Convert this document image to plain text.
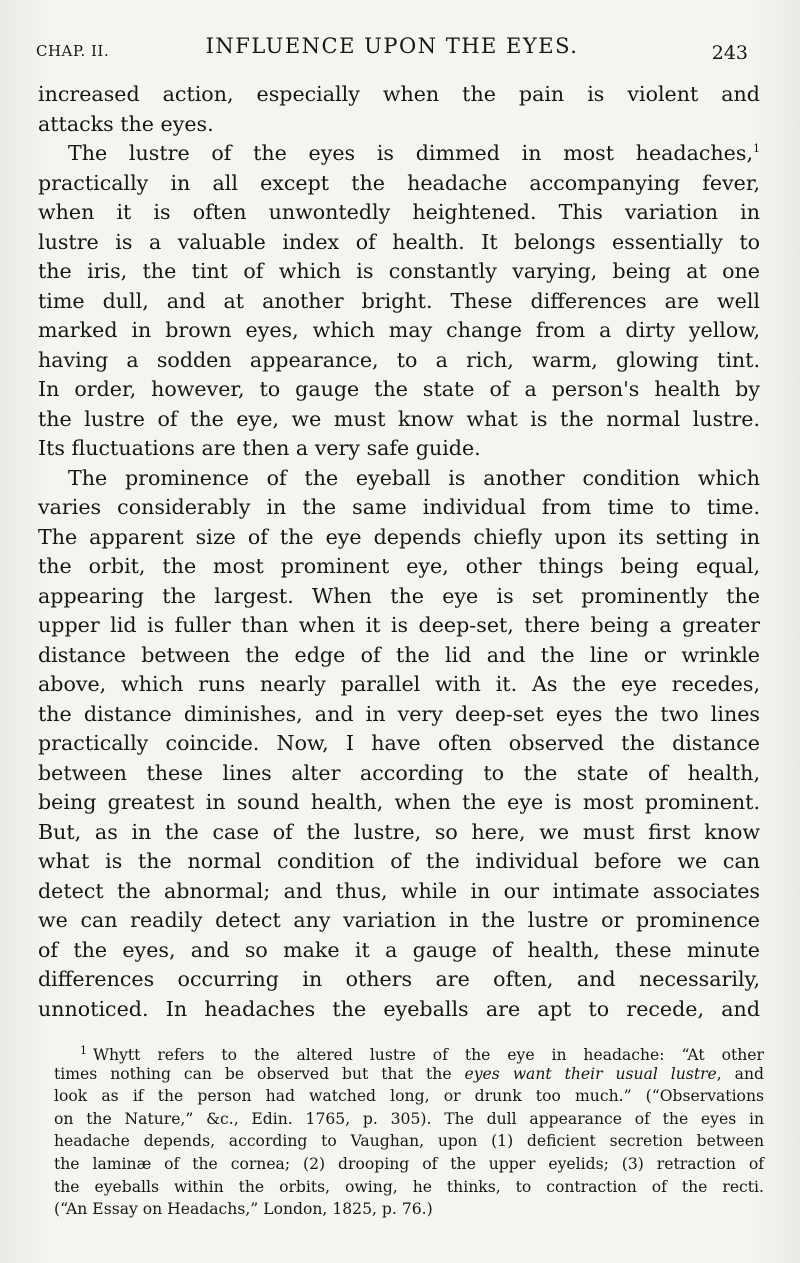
CHAP. II.	INFLUENCE UPON THE EYES.	243
increased action, especially when the pain is violent and
attacks the eyes.
The lustre of the eyes is dimmed in most headaches,$^1$
practically in all except the headache accompanying fever,
when it is often unwontedly heightened. This variation in
lustre is a valuable index of health. It belongs essentially to
the iris, the tint of which is constantly varying, being at one
time dull, and at another bright. These differences are well
marked in brown eyes, which may change from a dirty yellow,
having a sodden appearance, to a rich, warm, glowing tint.
In order, however, to gauge the state of a person's health by
the lustre of the eye, we must know what is the normal lustre.
Its fluctuations are then a very safe guide.
The prominence of the eyeball is another condition which
varies considerably in the same individual from time to time.
The apparent size of the eye depends chiefly upon its setting in
the orbit, the most prominent eye, other things being equal,
appearing the largest. When the eye is set prominently the
upper lid is fuller than when it is deep-set, there being a greater
distance between the edge of the lid and the line or wrinkle
above, which runs nearly parallel with it. As the eye recedes,
the distance diminishes, and in very deep-set eyes the two lines
practically coincide. Now, I have often observed the distance
between these lines alter according to the state of health,
being greatest in sound health, when the eye is most prominent.
But, as in the case of the lustre, so here, we must first know
what is the normal condition of the individual before we can
detect the abnormal; and thus, while in our intimate associates
we can readily detect any variation in the lustre or prominence
of the eyes, and so make it a gauge of health, these minute
differences occurring in others are often, and necessarily,
unnoticed. In headaches the eyeballs are apt to recede, and
$^1$ Whytt refers to the altered lustre of the eye in headache: “At other
times nothing can be observed but that the eyes want their usual lustre, and
look as if the person had watched long, or drunk too much.” (“Observations
on the Nature,” &c., Edin. 1765, p. 305). The dull appearance of the eyes in
headache depends, according to Vaughan, upon (1) deficient secretion between
the laminæ of the cornea; (2) drooping of the upper eyelids; (3) retraction of
the eyeballs within the orbits, owing, he thinks, to contraction of the recti.
(“An Essay on Headachs,” London, 1825, p. 76.)
